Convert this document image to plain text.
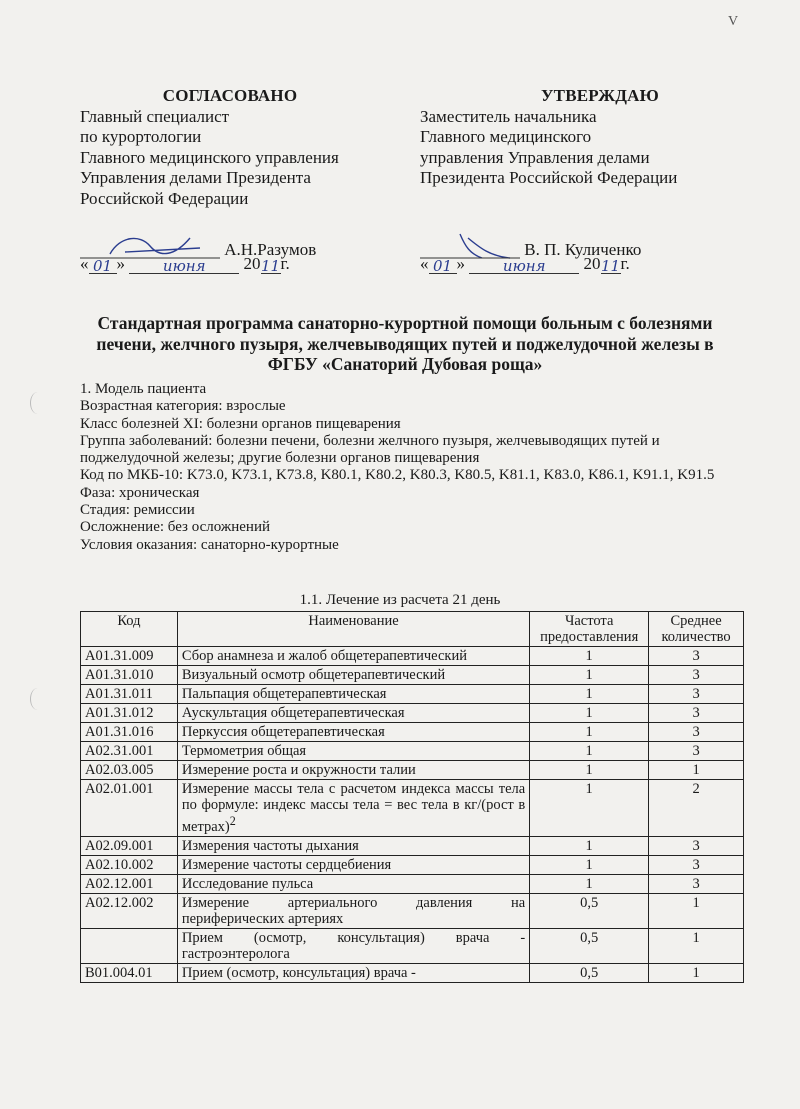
V
СОГЛАСОВАНО
Главный специалист
по курортологии
Главного медицинского управления
Управления делами Президента
Российской Федерации
А.Н.Разумов
« 01 »	июня 2011г.
УТВЕРЖДАЮ
Заместитель начальника
Главного медицинского
управления Управления делами
Президента Российской Федерации
В. П. Куличенко
« 01 »	июня 2011г.
Стандартная программа санаторно-курортной помощи больным с болезнями печени, желчного пузыря, желчевыводящих путей и поджелудочной железы в ФГБУ «Санаторий Дубовая роща»
1. Модель пациента
Возрастная категория: взрослые
Класс болезней XI: болезни органов пищеварения
Группа заболеваний: болезни печени, болезни желчного пузыря, желчевыводящих путей и поджелудочной железы; другие болезни органов пищеварения
Код по МКБ-10: K73.0, K73.1, K73.8, K80.1, K80.2, K80.3, K80.5, K81.1, K83.0, K86.1, K91.1, K91.5
Фаза: хроническая
Стадия: ремиссии
Осложнение: без осложнений
Условия оказания: санаторно-курортные
1.1. Лечение из расчета 21 день
Код	Наименование	Частота предоставления	Среднее количество
A01.31.009	Сбор анамнеза и жалоб общетерапевтический	1	3
A01.31.010	Визуальный осмотр общетерапевтический	1	3
A01.31.011	Пальпация общетерапевтическая	1	3
A01.31.012	Аускультация общетерапевтическая	1	3
A01.31.016	Перкуссия общетерапевтическая	1	3
A02.31.001	Термометрия общая	1	3
A02.03.005	Измерение роста и окружности талии	1	1
A02.01.001	Измерение массы тела с расчетом индекса массы тела по формуле: индекс массы тела = вес тела в кг/(рост в метрах)$^2$	1	2
A02.09.001	Измерения частоты дыхания	1	3
A02.10.002	Измерение частоты сердцебиения	1	3
A02.12.001	Исследование пульса	1	3
A02.12.002	Измерение артериального давления на периферических артериях	0,5	1
	Прием (осмотр, консультация) врача - гастроэнтеролога	0,5	1
B01.004.01	Прием (осмотр, консультация) врача -	0,5	1
